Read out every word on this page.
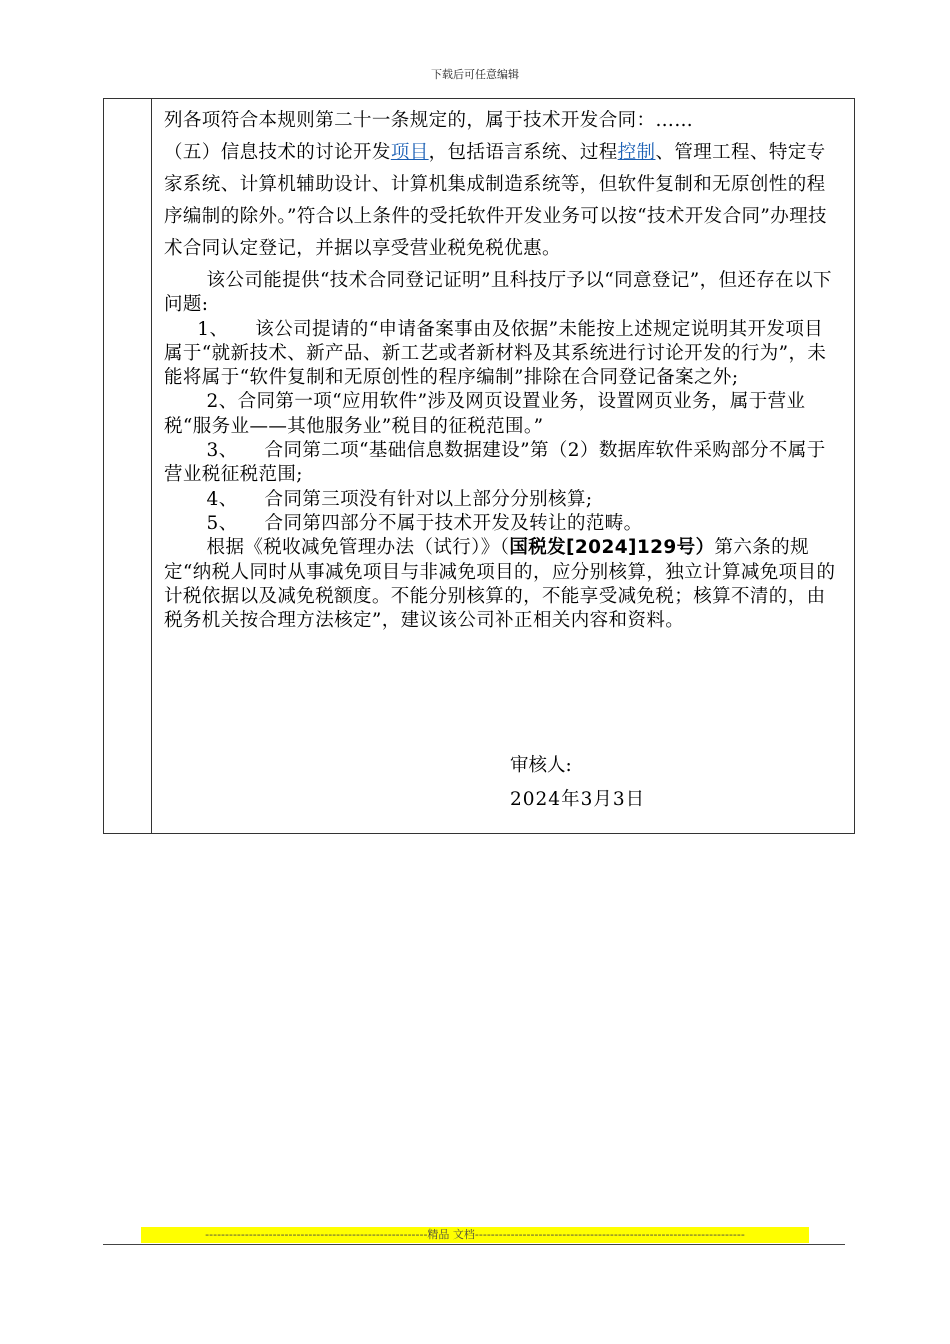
下载后可任意编辑

列各项符合本规则第二十一条规定的，属于技术开发合同：……

（五）信息技术的讨论开发项目，包括语言系统、过程控制、管理工程、特定专家系统、计算机辅助设计、计算机集成制造系统等，但软件复制和无原创性的程序编制的除外。”符合以上条件的受托软件开发业务可以按“技术开发合同”办理技术合同认定登记，并据以享受营业税免税优惠。

该公司能提供“技术合同登记证明”且科技厅予以“同意登记”，但还存在以下问题:

1、 该公司提请的“申请备案事由及依据”未能按上述规定说明其开发项目属于“就新技术、新产品、新工艺或者新材料及其系统进行讨论开发的行为”，未能将属于“软件复制和无原创性的程序编制”排除在合同登记备案之外;

2、合同第一项“应用软件”涉及网页设置业务，设置网页业务，属于营业税“服务业——其他服务业”税目的征税范围。”

3、 合同第二项“基础信息数据建设”第（2）数据库软件采购部分不属于营业税征税范围;

4、 合同第三项没有针对以上部分分别核算;

5、 合同第四部分不属于技术开发及转让的范畴。

根据《税收减免管理办法（试行）》（国税发[2024]129号）第六条的规定“纳税人同时从事减免项目与非减免项目的，应分别核算，独立计算减免项目的计税依据以及减免税额度。不能分别核算的，不能享受减免税；核算不清的，由税务机关按合理方法核定”，建议该公司补正相关内容和资料。

审核人:
2024年3月3日
--------------------------------------------------------精品 文档--------------------------------------------------------------------
